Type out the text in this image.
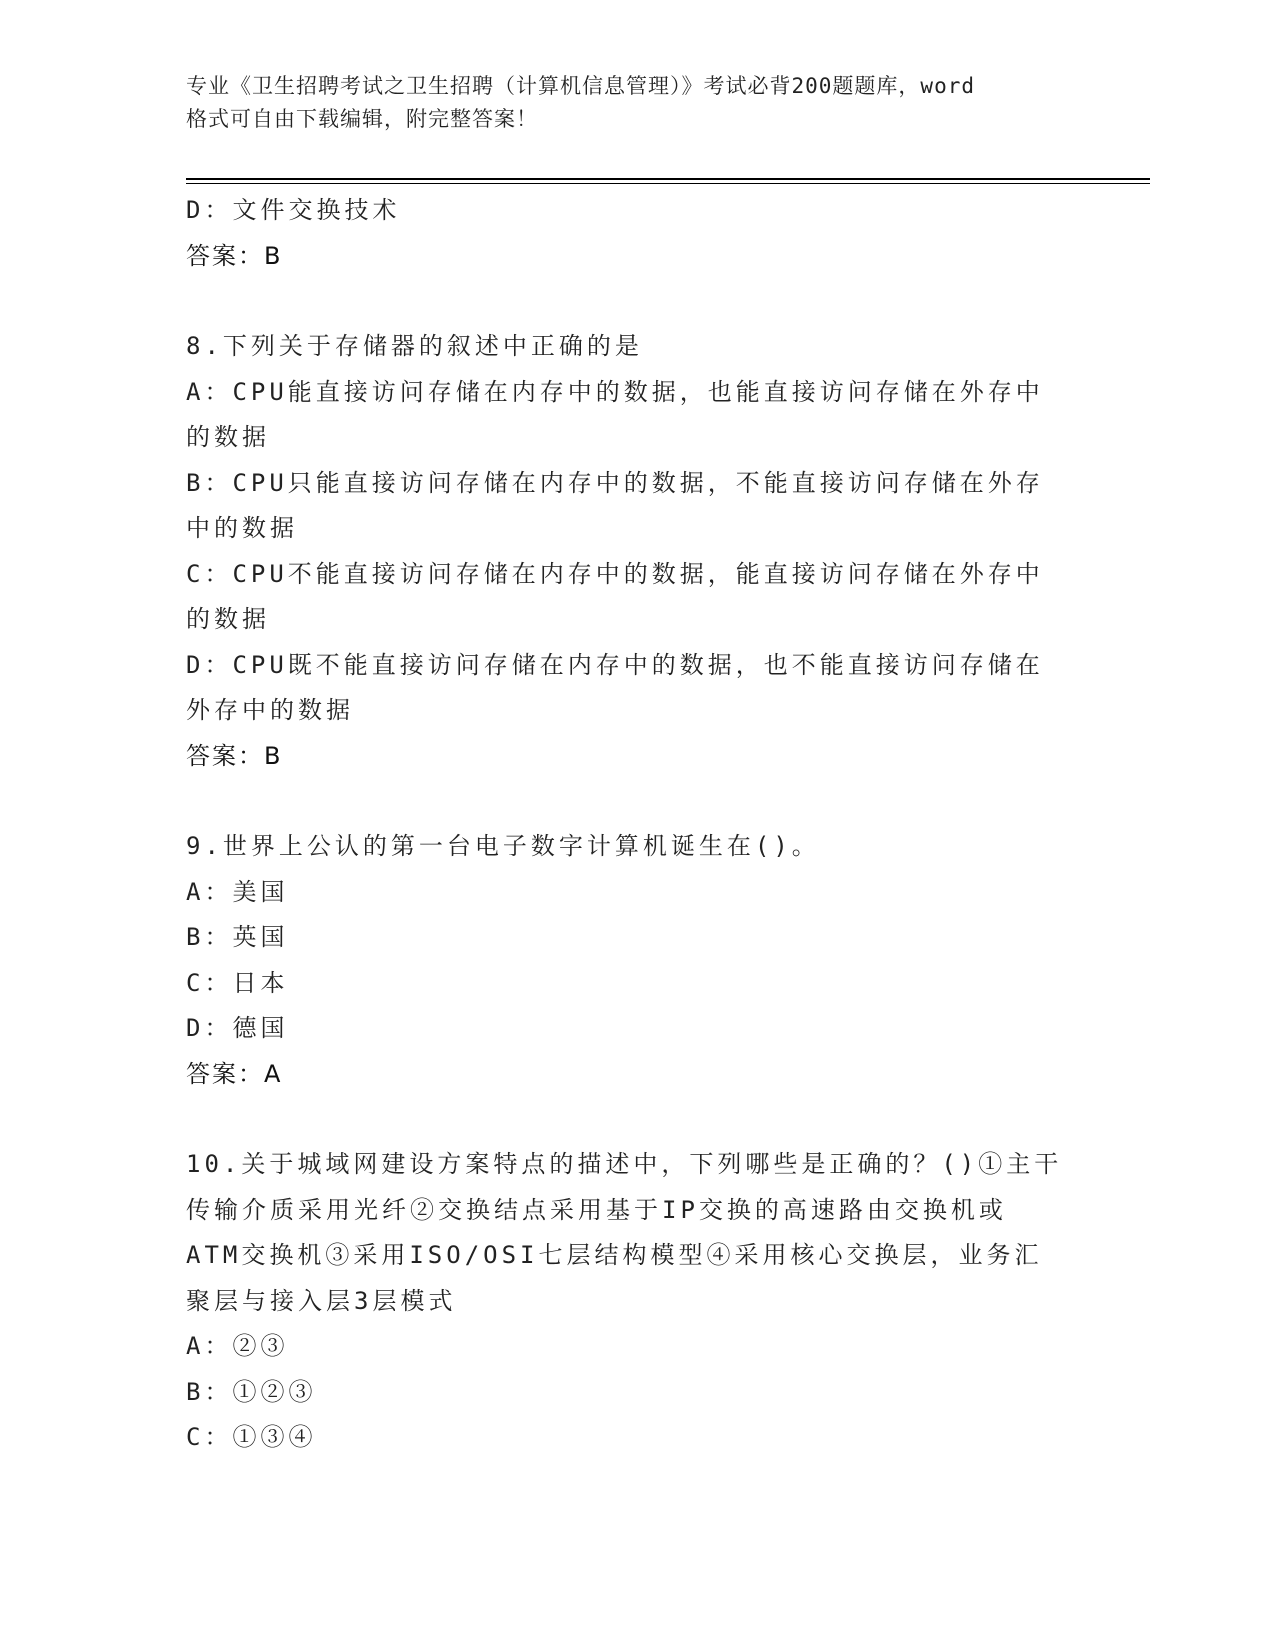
专业《卫生招聘考试之卫生招聘（计算机信息管理）》考试必背200题题库，word
格式可自由下载编辑，附完整答案！
D：文件交换技术
答案：B
8.下列关于存储器的叙述中正确的是
A：CPU能直接访问存储在内存中的数据，也能直接访问存储在外存中
的数据
B：CPU只能直接访问存储在内存中的数据，不能直接访问存储在外存
中的数据
C：CPU不能直接访问存储在内存中的数据，能直接访问存储在外存中
的数据
D：CPU既不能直接访问存储在内存中的数据，也不能直接访问存储在
外存中的数据
答案：B
9.世界上公认的第一台电子数字计算机诞生在()。
A：美国
B：英国
C：日本
D：德国
答案：A
10.关于城域网建设方案特点的描述中，下列哪些是正确的？()①主干
传输介质采用光纤②交换结点采用基于IP交换的高速路由交换机或
ATM交换机③采用ISO/OSI七层结构模型④采用核心交换层，业务汇
聚层与接入层3层模式
A：②③
B：①②③
C：①③④
